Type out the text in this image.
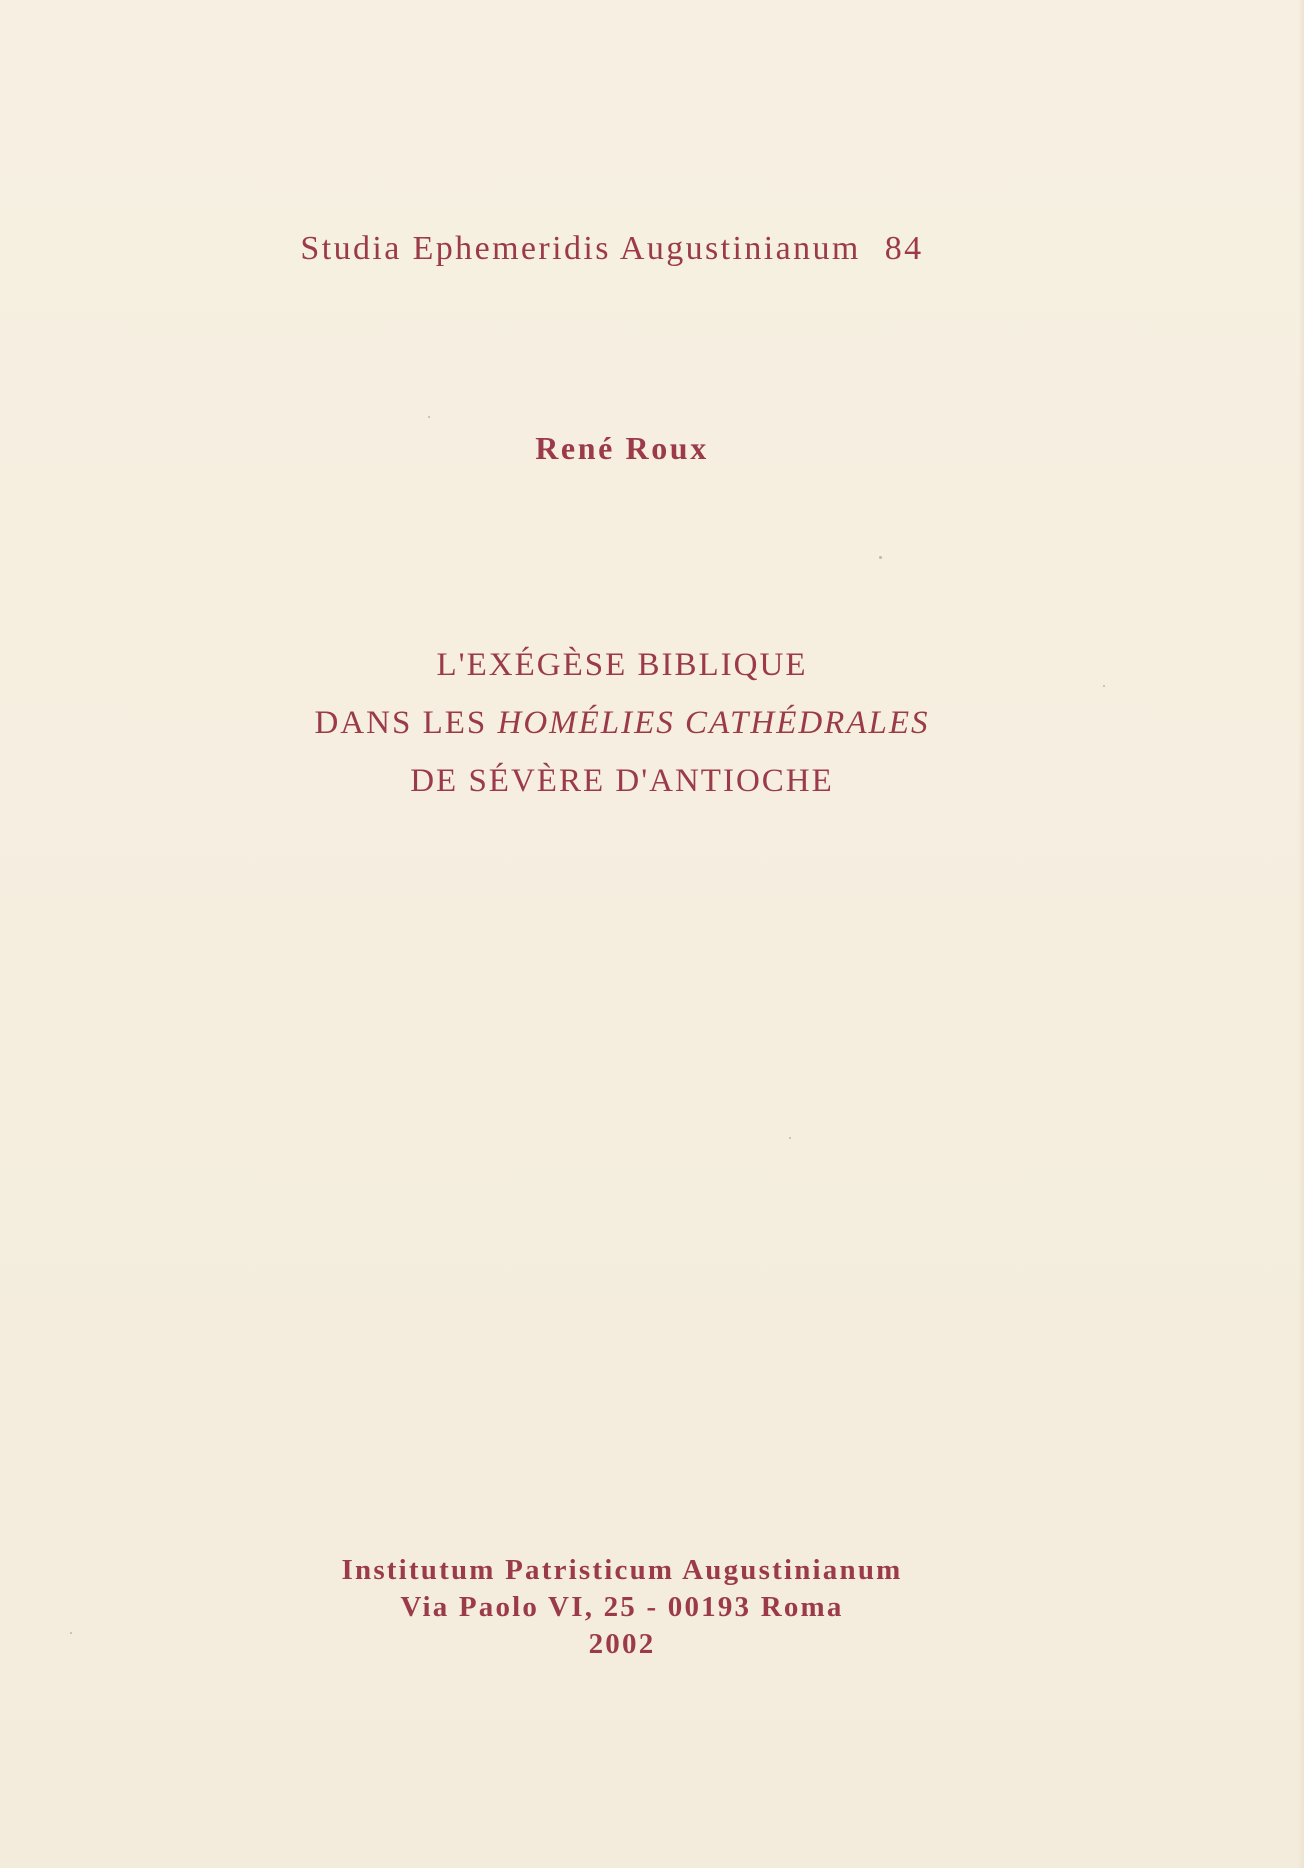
Studia Ephemeridis Augustinianum 84
René Roux
L'EXÉGÈSE BIBLIQUE
DANS LES HOMÉLIES CATHÉDRALES
DE SÉVÈRE D'ANTIOCHE
Institutum Patristicum Augustinianum
Via Paolo VI, 25 - 00193 Roma
2002
